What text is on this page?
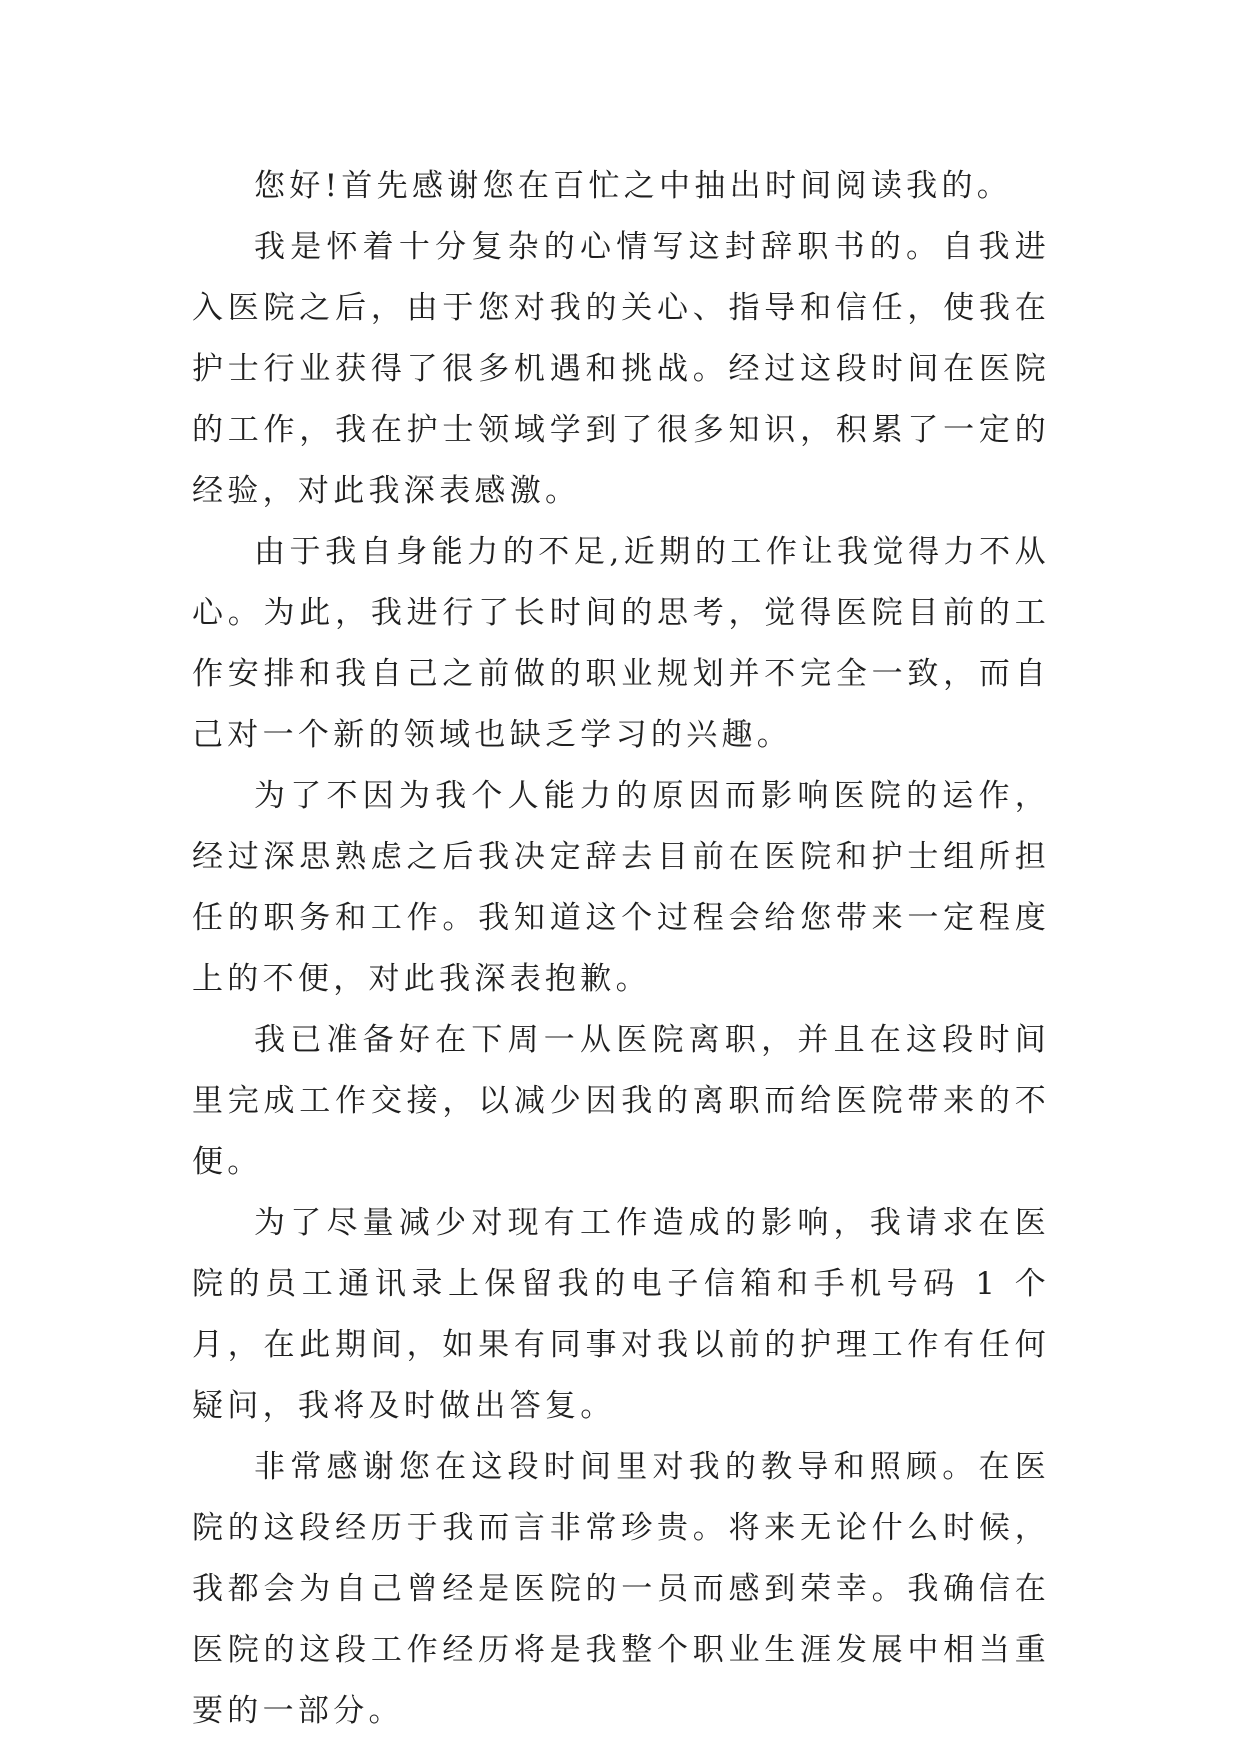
您好!首先感谢您在百忙之中抽出时间阅读我的。

我是怀着十分复杂的心情写这封辞职书的。自我进入医院之后，由于您对我的关心、指导和信任，使我在护士行业获得了很多机遇和挑战。经过这段时间在医院的工作，我在护士领域学到了很多知识，积累了一定的经验，对此我深表感激。

由于我自身能力的不足,近期的工作让我觉得力不从心。为此，我进行了长时间的思考，觉得医院目前的工作安排和我自己之前做的职业规划并不完全一致，而自己对一个新的领域也缺乏学习的兴趣。

为了不因为我个人能力的原因而影响医院的运作，经过深思熟虑之后我决定辞去目前在医院和护士组所担任的职务和工作。我知道这个过程会给您带来一定程度上的不便，对此我深表抱歉。

我已准备好在下周一从医院离职，并且在这段时间里完成工作交接，以减少因我的离职而给医院带来的不便。

为了尽量减少对现有工作造成的影响，我请求在医院的员工通讯录上保留我的电子信箱和手机号码 1 个月，在此期间，如果有同事对我以前的护理工作有任何疑问，我将及时做出答复。

非常感谢您在这段时间里对我的教导和照顾。在医院的这段经历于我而言非常珍贵。将来无论什么时候，我都会为自己曾经是医院的一员而感到荣幸。我确信在医院的这段工作经历将是我整个职业生涯发展中相当重要的一部分。
